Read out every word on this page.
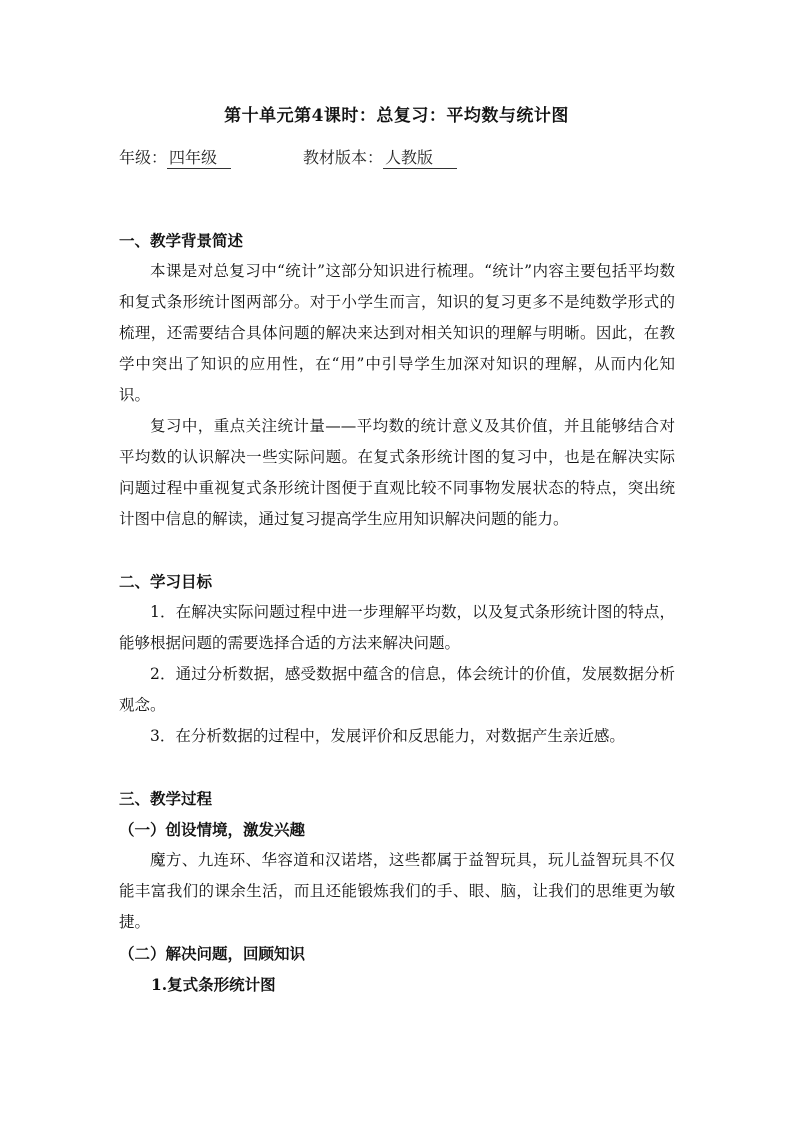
第十单元第4课时：总复习：平均数与统计图
年级： 四年级	教材版本： 人教版
一、教学背景简述

本课是对总复习中“统计”这部分知识进行梳理。“统计”内容主要包括平均数和复式条形统计图两部分。对于小学生而言，知识的复习更多不是纯数学形式的梳理，还需要结合具体问题的解决来达到对相关知识的理解与明晰。因此，在教学中突出了知识的应用性，在“用”中引导学生加深对知识的理解，从而内化知识。

复习中，重点关注统计量——平均数的统计意义及其价值，并且能够结合对平均数的认识解决一些实际问题。在复式条形统计图的复习中，也是在解决实际问题过程中重视复式条形统计图便于直观比较不同事物发展状态的特点，突出统计图中信息的解读，通过复习提高学生应用知识解决问题的能力。

二、学习目标

1．在解决实际问题过程中进一步理解平均数，以及复式条形统计图的特点，能够根据问题的需要选择合适的方法来解决问题。

2．通过分析数据，感受数据中蕴含的信息，体会统计的价值，发展数据分析观念。

3．在分析数据的过程中，发展评价和反思能力，对数据产生亲近感。

三、教学过程
（一）创设情境，激发兴趣

魔方、九连环、华容道和汉诺塔，这些都属于益智玩具，玩儿益智玩具不仅能丰富我们的课余生活，而且还能锻炼我们的手、眼、脑，让我们的思维更为敏捷。

（二）解决问题，回顾知识
1.复式条形统计图
